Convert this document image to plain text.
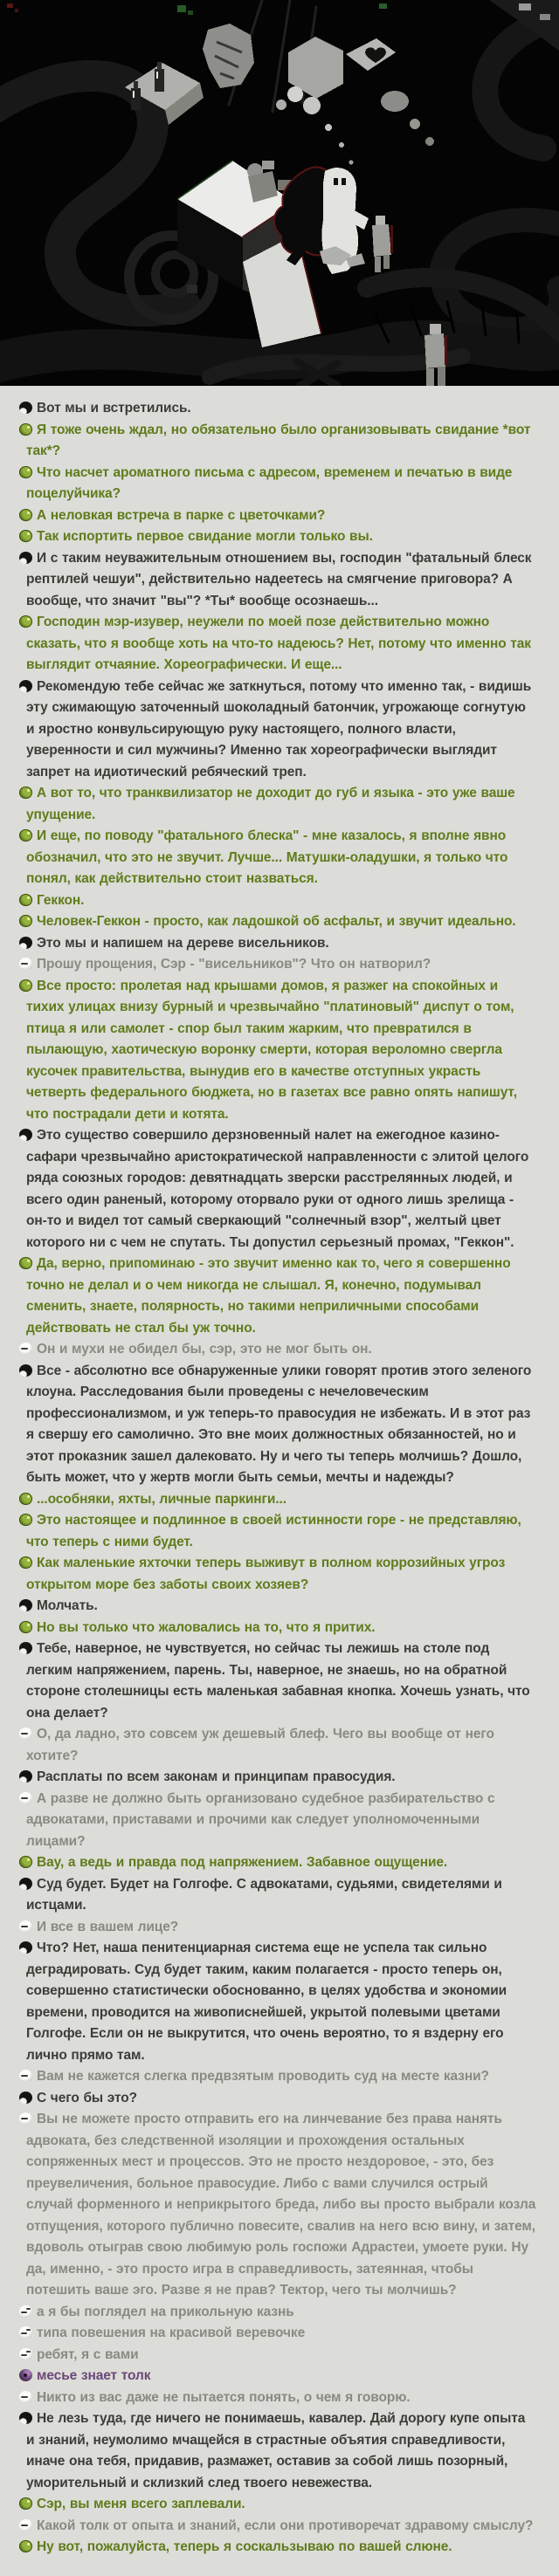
Вот мы и встретились.

Я тоже очень ждал, но обязательно было организовывать свидание *вот так*?

Что насчет ароматного письма с адресом, временем и печатью в виде поцелуйчика?

А неловкая встреча в парке с цветочками?

Так испортить первое свидание могли только вы.

И с таким неуважительным отношением вы, господин "фатальный блеск рептилей чешуи", действительно надеетесь на смягчение приговора? А вообще, что значит "вы"? *Ты* вообще осознаешь...

Господин мэр-изувер, неужели по моей позе действительно можно сказать, что я вообще хоть на что-то надеюсь? Нет, потому что именно так выглядит отчаяние. Хореографически. И еще...

Рекомендую тебе сейчас же заткнуться, потому что именно так, - видишь эту сжимающую заточенный шоколадный батончик, угрожающе согнутую и яростно конвульсирующую руку настоящего, полного власти, уверенности и сил мужчины? Именно так хореографически выглядит запрет на идиотический ребяческий треп.

А вот то, что транквилизатор не доходит до губ и языка - это уже ваше упущение.

И еще, по поводу "фатального блеска" - мне казалось, я вполне явно обозначил, что это не звучит. Лучше... Матушки-оладушки, я только что понял, как действительно стоит назваться.

Геккон.

Человек-Геккон - просто, как ладошкой об асфальт, и звучит идеально.

Это мы и напишем на дереве висельников.

Прошу прощения, Сэр - "висельников"? Что он натворил?

Все просто: пролетая над крышами домов, я разжег на спокойных и тихих улицах внизу бурный и чрезвычайно "платиновый" диспут о том, птица я или самолет - спор был таким жарким, что превратился в пылающую, хаотическую воронку смерти, которая вероломно свергла кусочек правительства, вынудив его в качестве отступных украсть четверть федерального бюджета, но в газетах все равно опять напишут, что пострадали дети и котята.

Это существо совершило дерзновенный налет на ежегодное казино-сафари чрезвычайно аристократической направленности с элитой целого ряда союзных городов: девятнадцать зверски расстрелянных людей, и всего один раненый, которому оторвало руки от одного лишь зрелища - он-то и видел тот самый сверкающий "солнечный взор", желтый цвет которого ни с чем не спутать. Ты допустил серьезный промах, "Геккон".

Да, верно, припоминаю - это звучит именно как то, чего я совершенно точно не делал и о чем никогда не слышал. Я, конечно, подумывал сменить, знаете, полярность, но такими неприличными способами действовать не стал бы уж точно.

Он и мухи не обидел бы, сэр, это не мог быть он.

Все - абсолютно все обнаруженные улики говорят против этого зеленого клоуна. Расследования были проведены с нечеловеческим профессионализмом, и уж теперь-то правосудия не избежать. И в этот раз я свершу его самолично. Это вне моих должностных обязанностей, но и этот проказник зашел далековато. Ну и чего ты теперь молчишь? Дошло, быть может, что у жертв могли быть семьи, мечты и надежды?

...особняки, яхты, личные паркинги...

Это настоящее и подлинное в своей истинности горе - не представляю, что теперь с ними будет.

Как маленькие яхточки теперь выживут в полном коррозийных угроз открытом море без заботы своих хозяев?

Молчать.

Но вы только что жаловались на то, что я притих.

Тебе, наверное, не чувствуется, но сейчас ты лежишь на столе под легким напряжением, парень. Ты, наверное, не знаешь, но на обратной стороне столешницы есть маленькая забавная кнопка. Хочешь узнать, что она делает?

О, да ладно, это совсем уж дешевый блеф. Чего вы вообще от него хотите?

Расплаты по всем законам и принципам правосудия.

А разве не должно быть организовано судебное разбирательство с адвокатами, приставами и прочими как следует уполномоченными лицами?

Вау, а ведь и правда под напряжением. Забавное ощущение.

Суд будет. Будет на Голгофе. С адвокатами, судьями, свидетелями и истцами.

И все в вашем лице?

Что? Нет, наша пенитенциарная система еще не успела так сильно деградировать. Суд будет таким, каким полагается - просто теперь он, совершенно статистически обоснованно, в целях удобства и экономии времени, проводится на живописнейшей, укрытой полевыми цветами Голгофе. Если он не выкрутится, что очень вероятно, то я вздерну его лично прямо там.

Вам не кажется слегка предвзятым проводить суд на месте казни?

С чего бы это?

Вы не можете просто отправить его на линчевание без права нанять адвоката, без следственной изоляции и прохождения остальных сопряженных мест и процессов. Это не просто нездоровое, - это, без преувеличения, больное правосудие. Либо с вами случился острый случай форменного и неприкрытого бреда, либо вы просто выбрали козла отпущения, которого публично повесите, свалив на него всю вину, и затем, вдоволь отыграв свою любимую роль госпожи Адрастеи, умоете руки. Ну да, именно, - это просто игра в справедливость, затеянная, чтобы потешить ваше эго. Разве я не прав? Тектор, чего ты молчишь?

а я бы поглядел на прикольную казнь

типа повешения на красивой веревочке

ребят, я с вами

месье знает толк

Никто из вас даже не пытается понять, о чем я говорю.

Не лезь туда, где ничего не понимаешь, кавалер. Дай дорогу купе опыта и знаний, неумолимо мчащейся в страстные объятия справедливости, иначе она тебя, придавив, размажет, оставив за собой лишь позорный, уморительный и склизкий след твоего невежества.

Сэр, вы меня всего заплевали.

Какой толк от опыта и знаний, если они противоречат здравому смыслу?

Ну вот, пожалуйста, теперь я соскальзываю по вашей слюне.
